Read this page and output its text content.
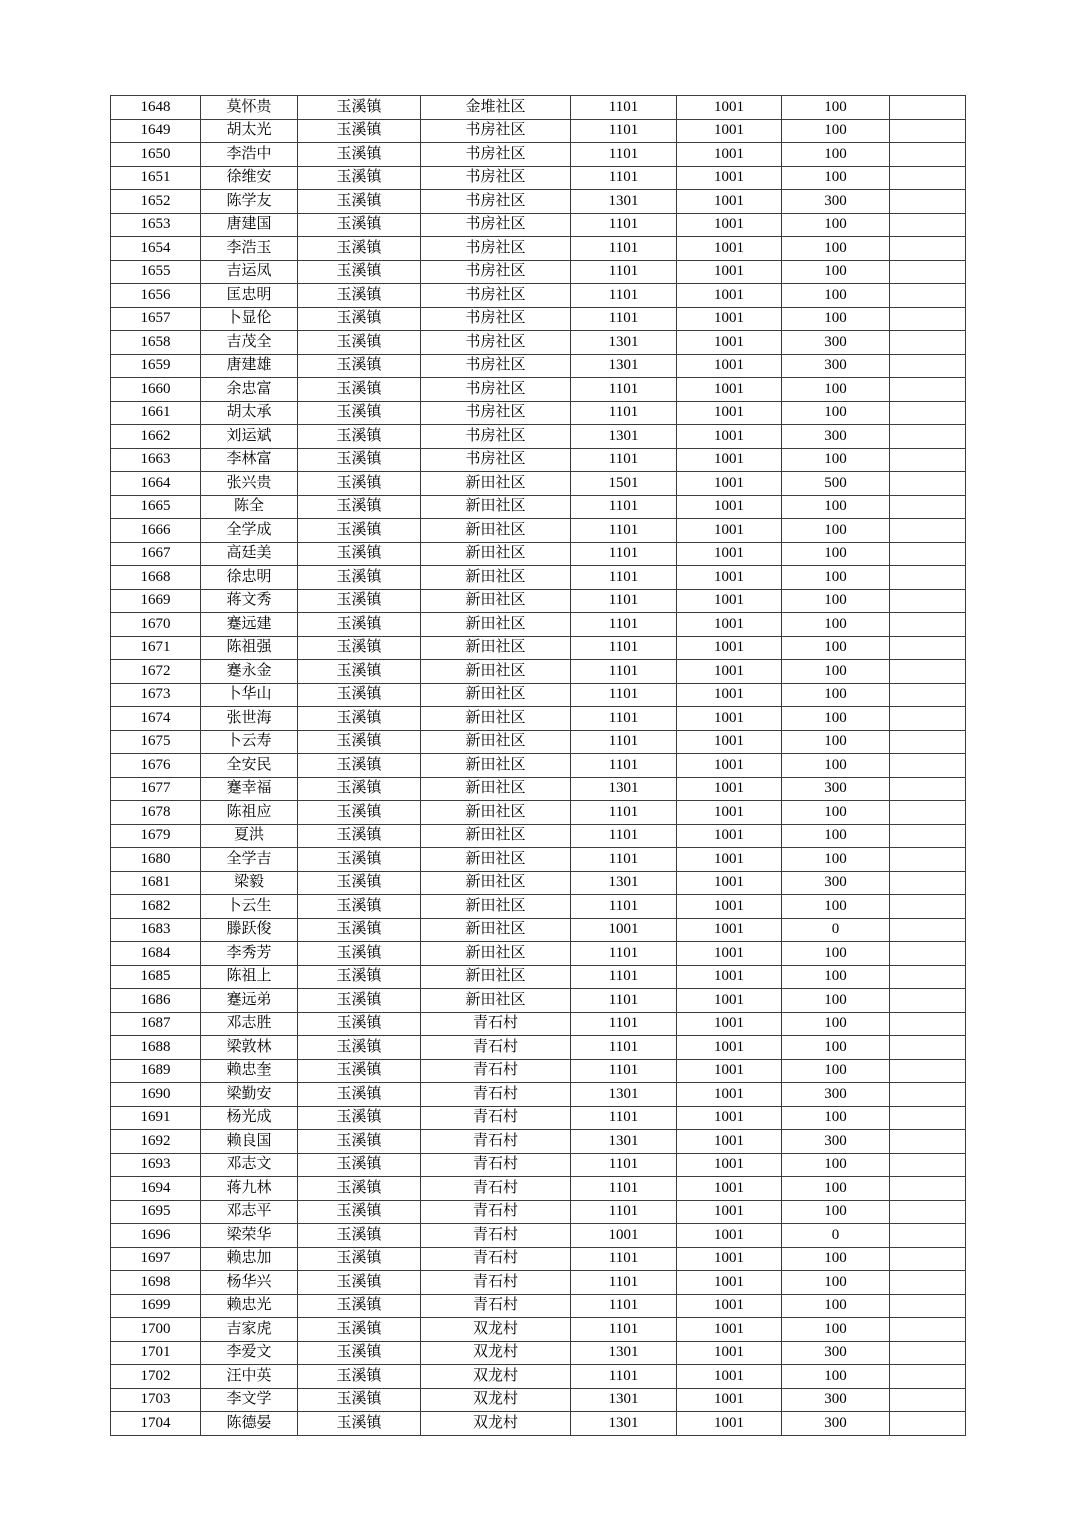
1648	莫怀贵	玉溪镇	金堆社区	1101	1001	100	
1649	胡太光	玉溪镇	书房社区	1101	1001	100	
1650	李浩中	玉溪镇	书房社区	1101	1001	100	
1651	徐维安	玉溪镇	书房社区	1101	1001	100	
1652	陈学友	玉溪镇	书房社区	1301	1001	300	
1653	唐建国	玉溪镇	书房社区	1101	1001	100	
1654	李浩玉	玉溪镇	书房社区	1101	1001	100	
1655	吉运凤	玉溪镇	书房社区	1101	1001	100	
1656	匡忠明	玉溪镇	书房社区	1101	1001	100	
1657	卜显伦	玉溪镇	书房社区	1101	1001	100	
1658	吉茂全	玉溪镇	书房社区	1301	1001	300	
1659	唐建雄	玉溪镇	书房社区	1301	1001	300	
1660	余忠富	玉溪镇	书房社区	1101	1001	100	
1661	胡太承	玉溪镇	书房社区	1101	1001	100	
1662	刘运斌	玉溪镇	书房社区	1301	1001	300	
1663	李林富	玉溪镇	书房社区	1101	1001	100	
1664	张兴贵	玉溪镇	新田社区	1501	1001	500	
1665	陈全	玉溪镇	新田社区	1101	1001	100	
1666	全学成	玉溪镇	新田社区	1101	1001	100	
1667	高廷美	玉溪镇	新田社区	1101	1001	100	
1668	徐忠明	玉溪镇	新田社区	1101	1001	100	
1669	蒋文秀	玉溪镇	新田社区	1101	1001	100	
1670	蹇远建	玉溪镇	新田社区	1101	1001	100	
1671	陈祖强	玉溪镇	新田社区	1101	1001	100	
1672	蹇永金	玉溪镇	新田社区	1101	1001	100	
1673	卜华山	玉溪镇	新田社区	1101	1001	100	
1674	张世海	玉溪镇	新田社区	1101	1001	100	
1675	卜云寿	玉溪镇	新田社区	1101	1001	100	
1676	全安民	玉溪镇	新田社区	1101	1001	100	
1677	蹇幸福	玉溪镇	新田社区	1301	1001	300	
1678	陈祖应	玉溪镇	新田社区	1101	1001	100	
1679	夏洪	玉溪镇	新田社区	1101	1001	100	
1680	全学吉	玉溪镇	新田社区	1101	1001	100	
1681	梁毅	玉溪镇	新田社区	1301	1001	300	
1682	卜云生	玉溪镇	新田社区	1101	1001	100	
1683	滕跃俊	玉溪镇	新田社区	1001	1001	0	
1684	李秀芳	玉溪镇	新田社区	1101	1001	100	
1685	陈祖上	玉溪镇	新田社区	1101	1001	100	
1686	蹇远弟	玉溪镇	新田社区	1101	1001	100	
1687	邓志胜	玉溪镇	青石村	1101	1001	100	
1688	梁敦林	玉溪镇	青石村	1101	1001	100	
1689	赖忠奎	玉溪镇	青石村	1101	1001	100	
1690	梁勤安	玉溪镇	青石村	1301	1001	300	
1691	杨光成	玉溪镇	青石村	1101	1001	100	
1692	赖良国	玉溪镇	青石村	1301	1001	300	
1693	邓志文	玉溪镇	青石村	1101	1001	100	
1694	蒋九林	玉溪镇	青石村	1101	1001	100	
1695	邓志平	玉溪镇	青石村	1101	1001	100	
1696	梁荣华	玉溪镇	青石村	1001	1001	0	
1697	赖忠加	玉溪镇	青石村	1101	1001	100	
1698	杨华兴	玉溪镇	青石村	1101	1001	100	
1699	赖忠光	玉溪镇	青石村	1101	1001	100	
1700	吉家虎	玉溪镇	双龙村	1101	1001	100	
1701	李爱文	玉溪镇	双龙村	1301	1001	300	
1702	汪中英	玉溪镇	双龙村	1101	1001	100	
1703	李文学	玉溪镇	双龙村	1301	1001	300	
1704	陈德晏	玉溪镇	双龙村	1301	1001	300	
